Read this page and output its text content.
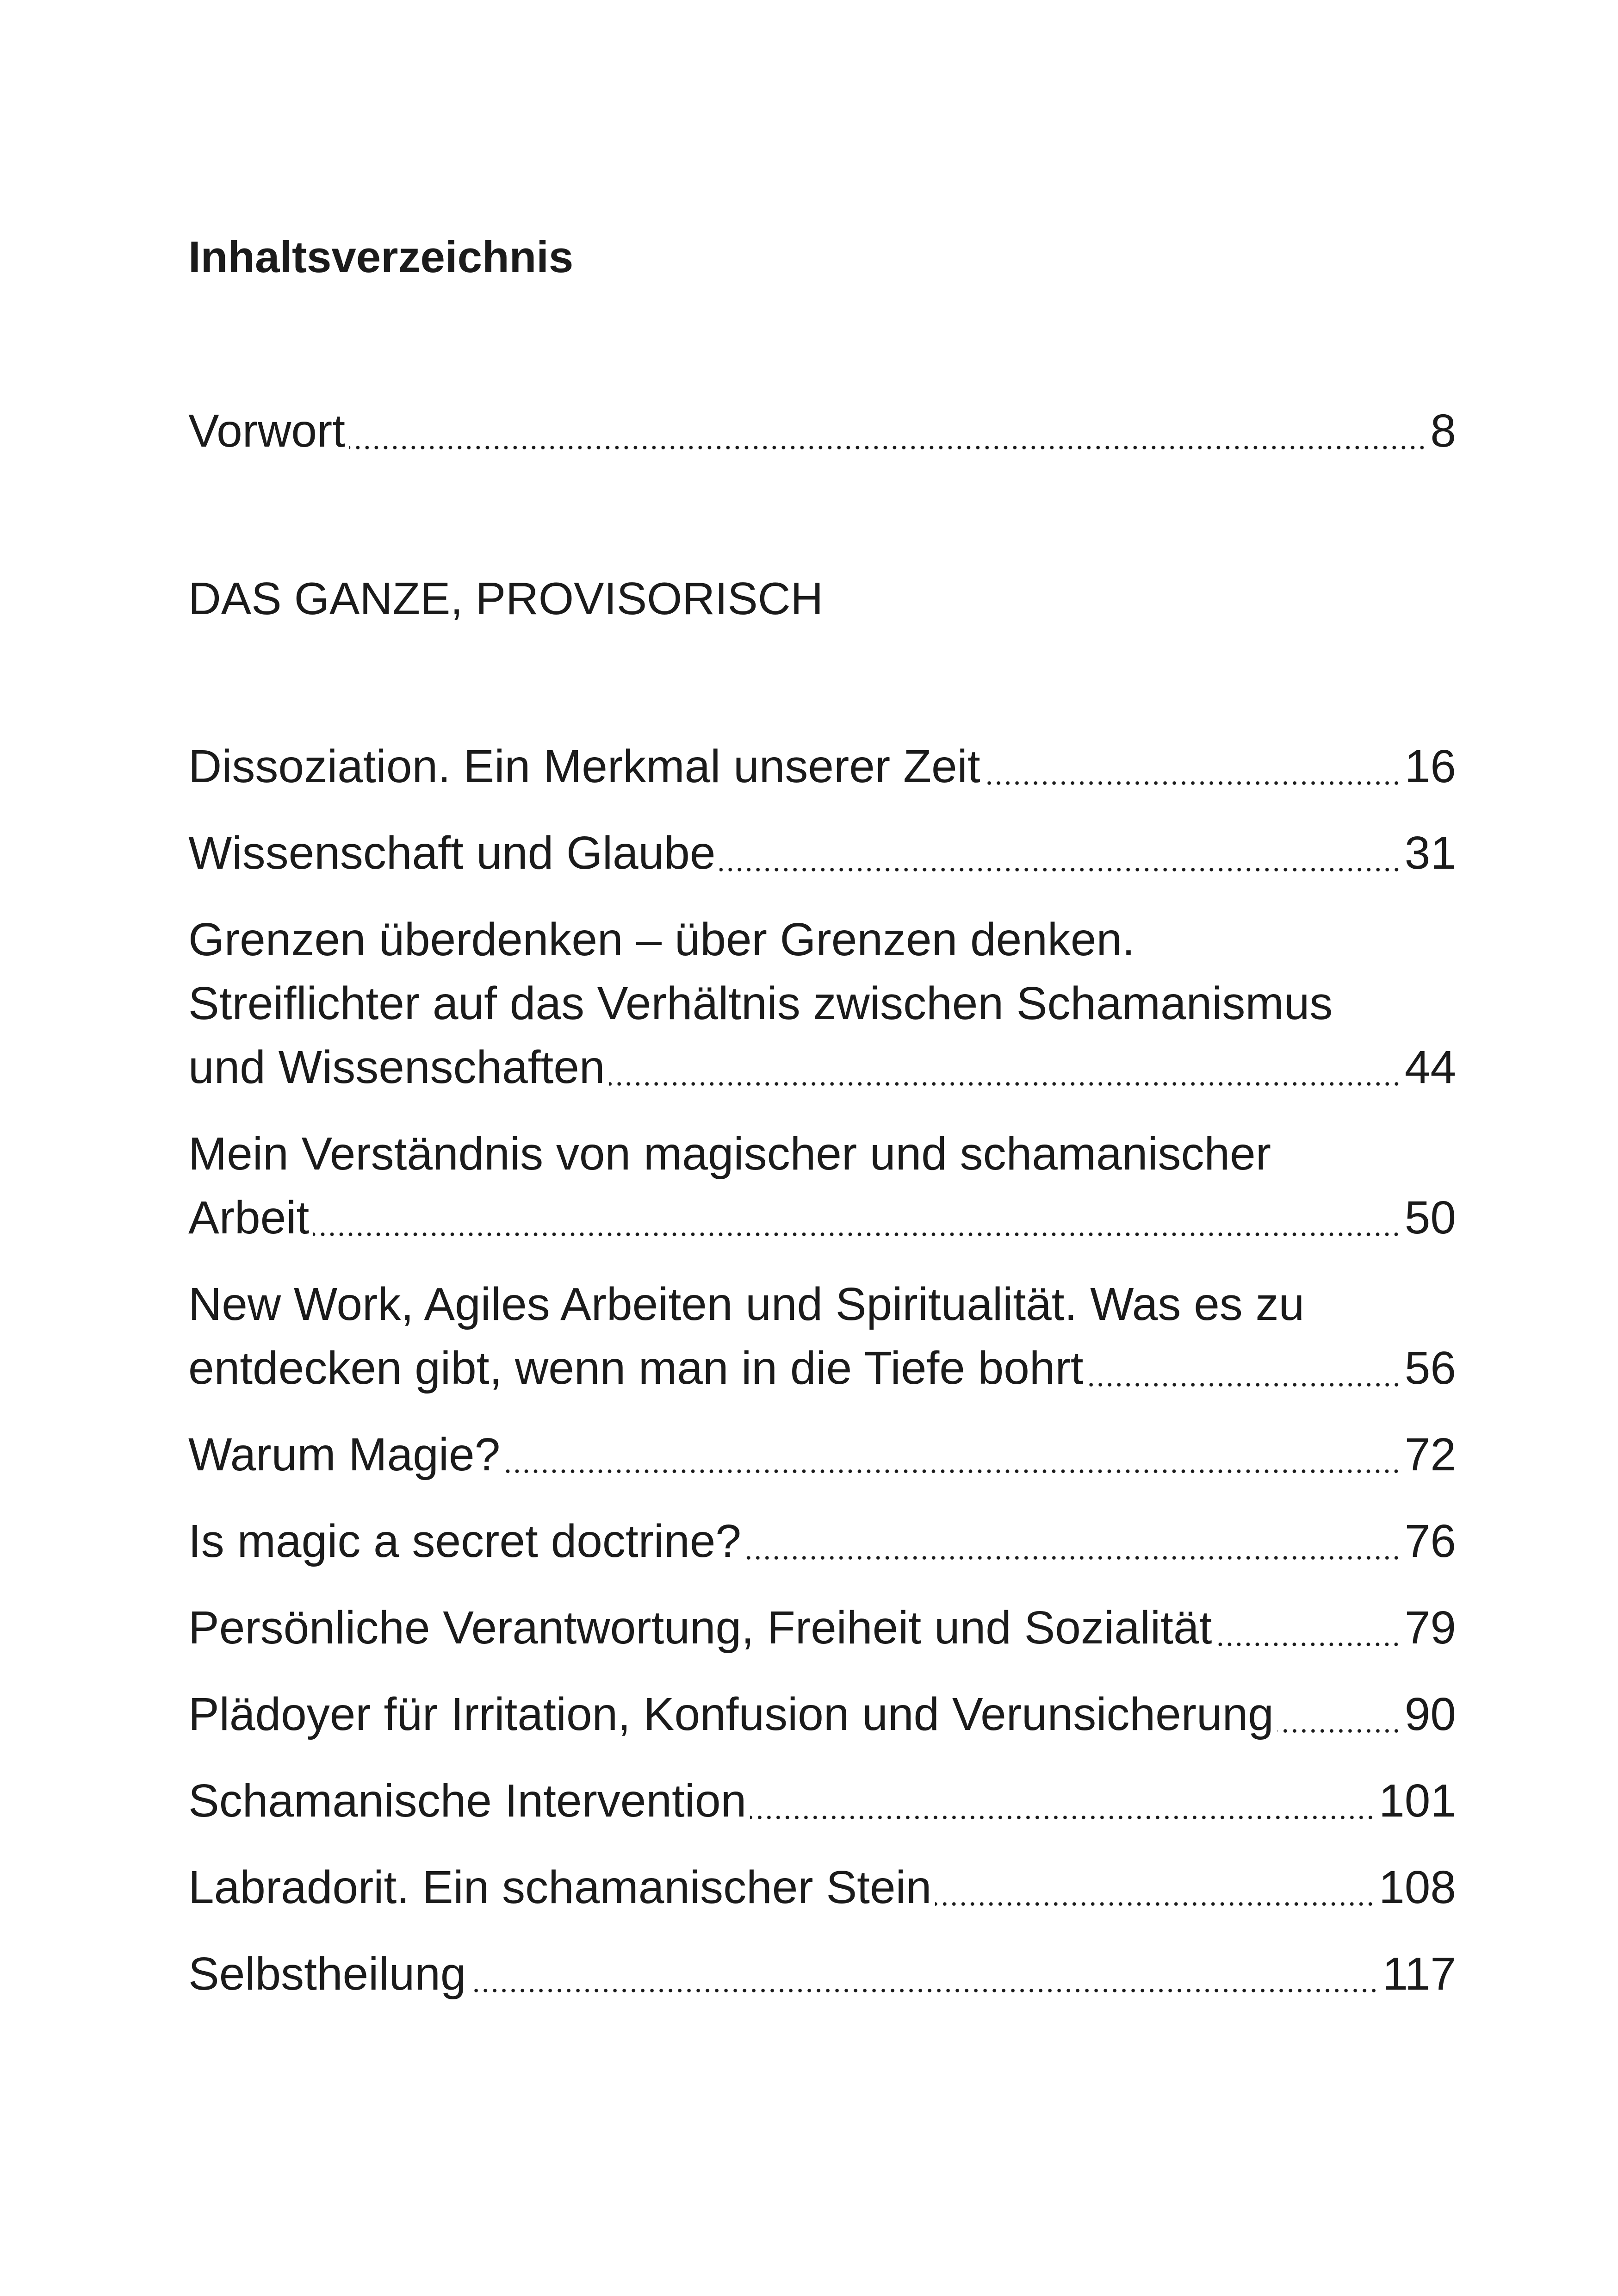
Inhaltsverzeichnis
Vorwort	8
DAS GANZE, PROVISORISCH
Dissoziation. Ein Merkmal unserer Zeit	16
Wissenschaft und Glaube	31
Grenzen überdenken – über Grenzen denken.
Streiflichter auf das Verhältnis zwischen Schamanismus
und Wissenschaften	44
Mein Verständnis von magischer und schamanischer
Arbeit	50
New Work, Agiles Arbeiten und Spiritualität. Was es zu
entdecken gibt, wenn man in die Tiefe bohrt	56
Warum Magie?	72
Is magic a secret doctrine?	76
Persönliche Verantwortung, Freiheit und Sozialität	79
Plädoyer für Irritation, Konfusion und Verunsicherung	90
Schamanische Intervention	101
Labradorit. Ein schamanischer Stein	108
Selbstheilung	117
